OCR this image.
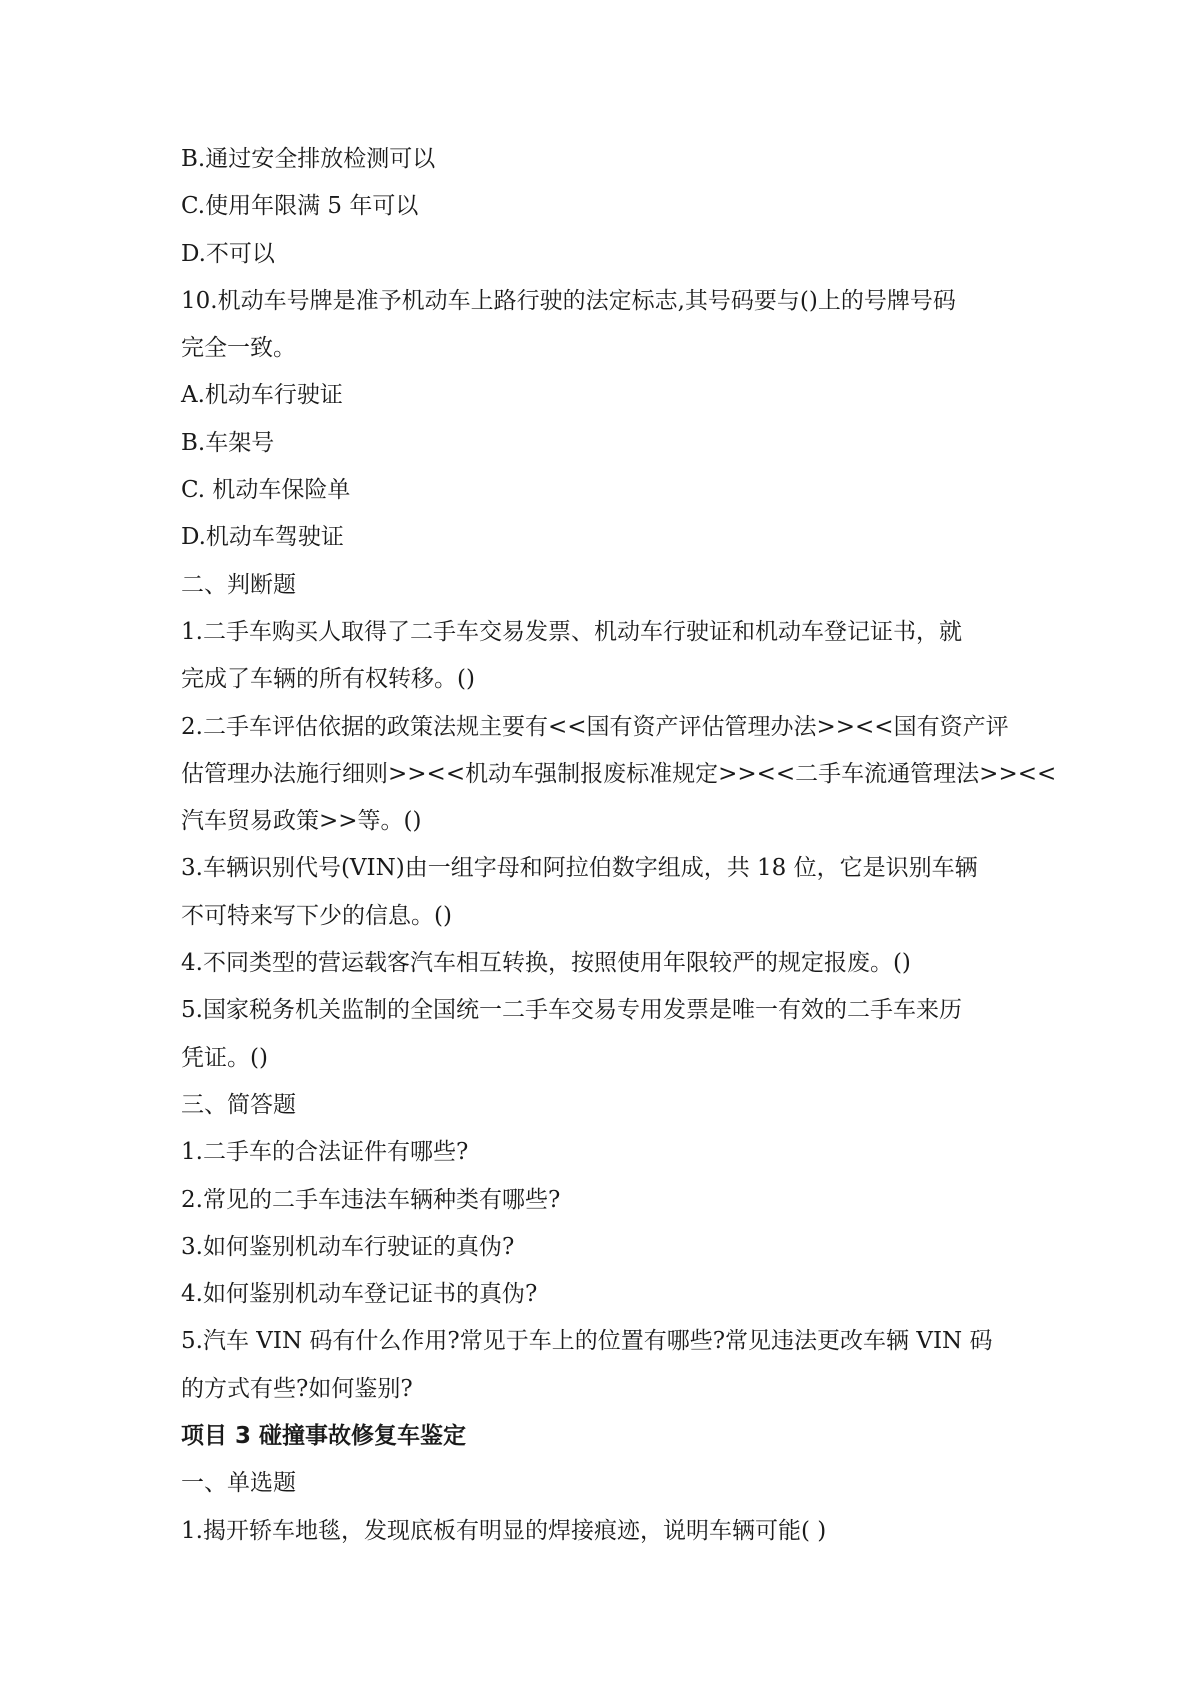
B.通过安全排放检测可以
C.使用年限满 5 年可以
D.不可以
10.机动车号牌是准予机动车上路行驶的法定标志,其号码要与()上的号牌号码
完全一致。
A.机动车行驶证
B.车架号
C. 机动车保险单
D.机动车驾驶证
二、判断题
1.二手车购买人取得了二手车交易发票、机动车行驶证和机动车登记证书，就
完成了车辆的所有权转移。()
2.二手车评估依据的政策法规主要有<<国有资产评估管理办法>><<国有资产评
估管理办法施行细则>><<机动车强制报废标准规定>><<二手车流通管理法>><<
汽车贸易政策>>等。()
3.车辆识别代号(VIN)由一组字母和阿拉伯数字组成，共 18 位，它是识别车辆
不可特来写下少的信息。()
4.不同类型的营运载客汽车相互转换，按照使用年限较严的规定报废。()
5.国家税务机关监制的全国统一二手车交易专用发票是唯一有效的二手车来历
凭证。()
三、简答题
1.二手车的合法证件有哪些?
2.常见的二手车违法车辆种类有哪些?
3.如何鉴别机动车行驶证的真伪?
4.如何鉴别机动车登记证书的真伪?
5.汽车 VIN 码有什么作用?常见于车上的位置有哪些?常见违法更改车辆 VIN 码
的方式有些?如何鉴别?
项目 3 碰撞事故修复车鉴定
一、单选题
1.揭开轿车地毯，发现底板有明显的焊接痕迹，说明车辆可能( )
